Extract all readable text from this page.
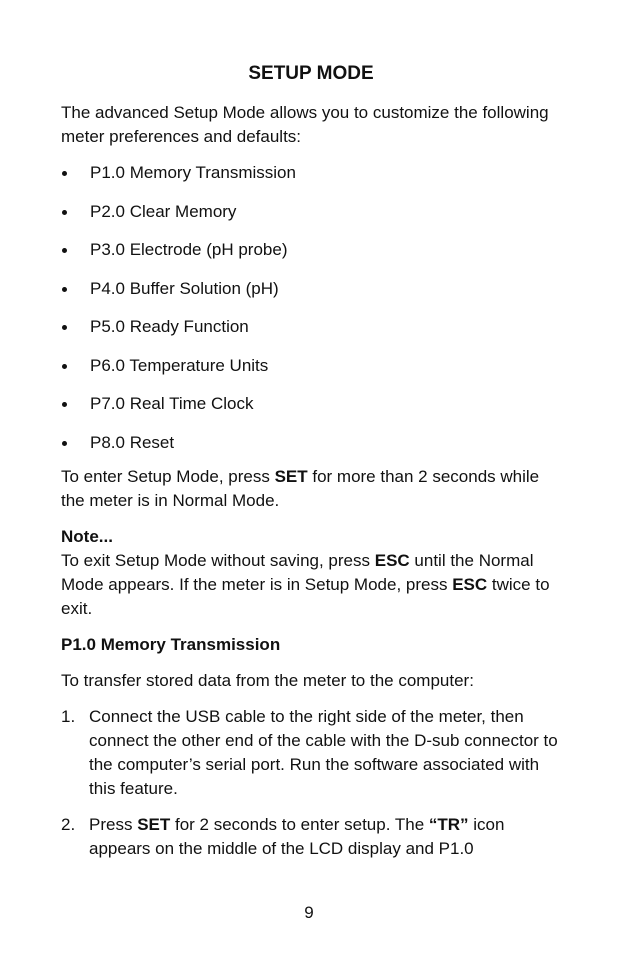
SETUP MODE

The advanced Setup Mode allows you to customize the following meter preferences and defaults:

P1.0 Memory Transmission
P2.0 Clear Memory
P3.0 Electrode (pH probe)
P4.0 Buffer Solution (pH)
P5.0 Ready Function
P6.0 Temperature Units
P7.0 Real Time Clock
P8.0 Reset

To enter Setup Mode, press SET for more than 2 seconds while the meter is in Normal Mode.

Note...

To exit Setup Mode without saving, press ESC until the Normal Mode appears. If the meter is in Setup Mode, press ESC twice to exit.

P1.0 Memory Transmission

To transfer stored data from the meter to the computer:

1. Connect the USB cable to the right side of the meter, then connect the other end of the cable with the D-sub connector to the computer’s serial port. Run the software associated with this feature.

2. Press SET for 2 seconds to enter setup. The “TR” icon appears on the middle of the LCD display and P1.0

9
